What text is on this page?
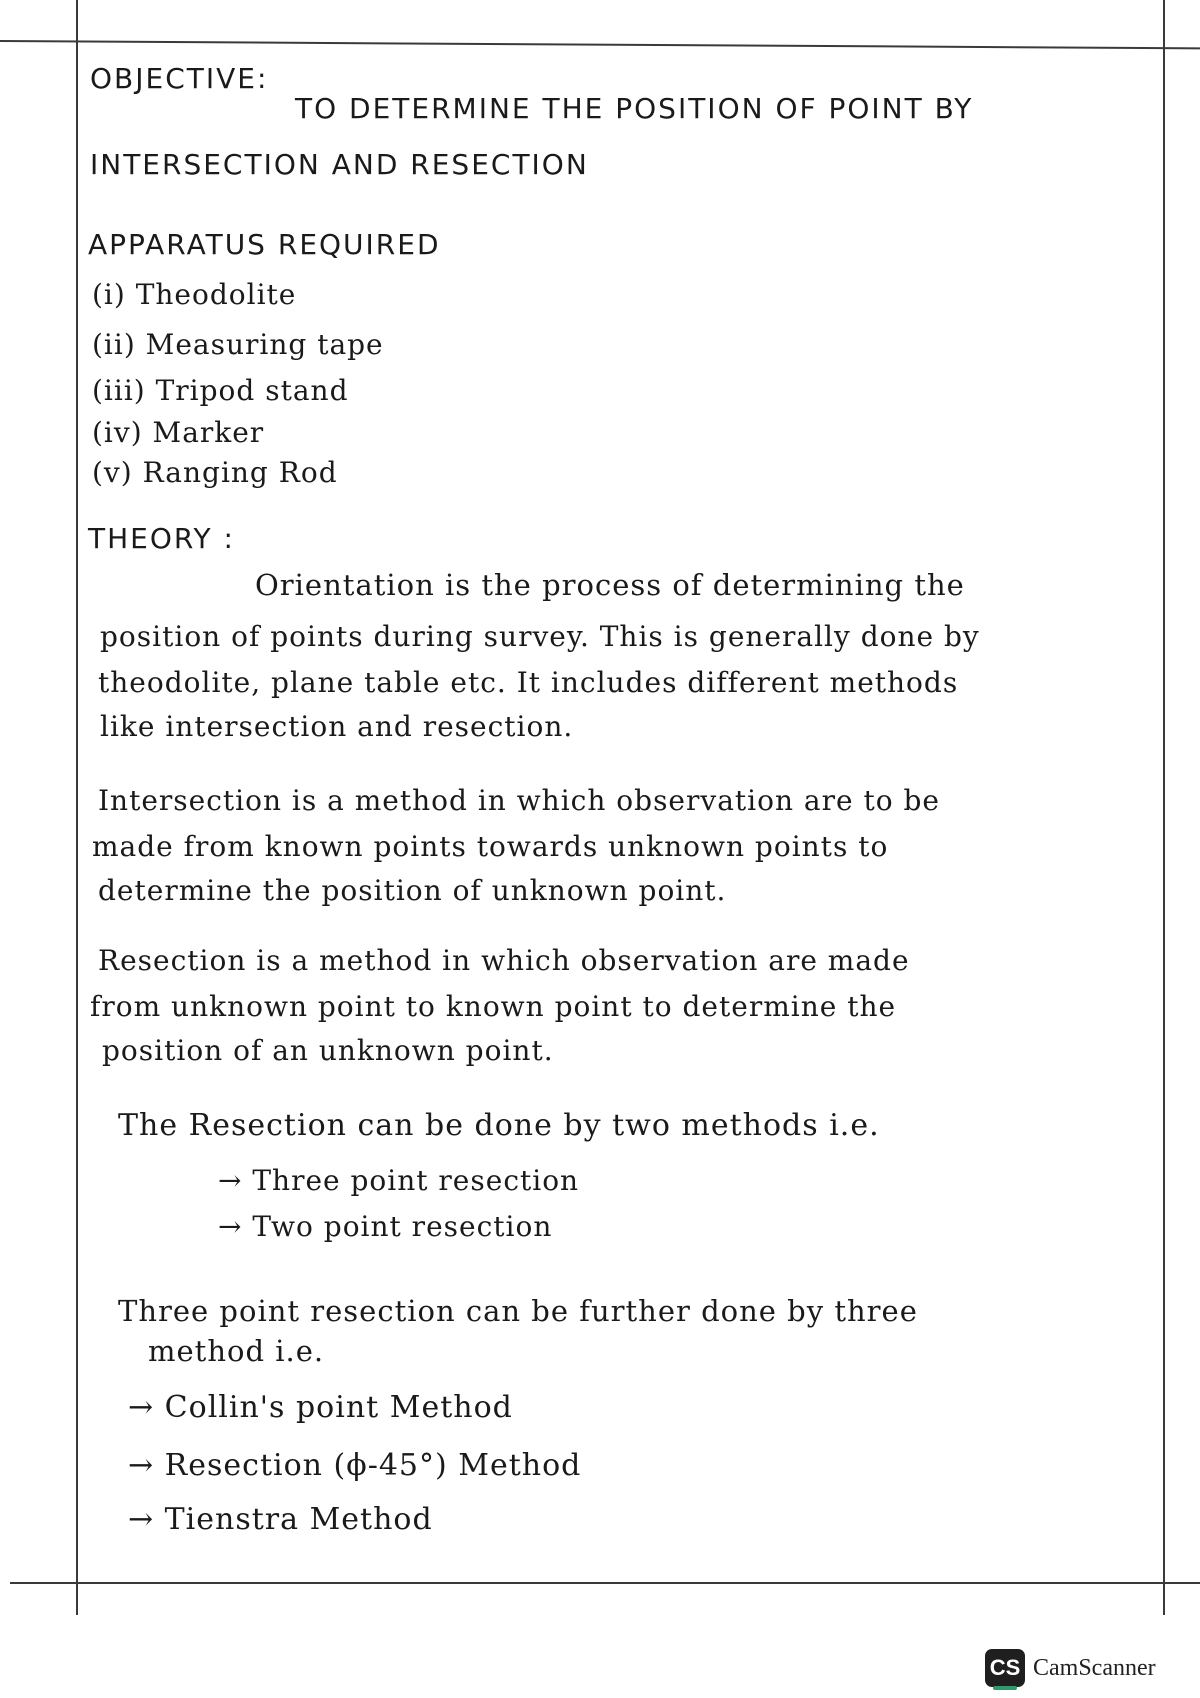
OBJECTIVE:
TO DETERMINE THE POSITION OF POINT BY
INTERSECTION AND RESECTION
APPARATUS REQUIRED
(i) Theodolite
(ii) Measuring tape
(iii) Tripod stand
(iv) Marker
(v) Ranging Rod
THEORY :
Orientation is the process of determining the
position of points during survey. This is generally done by
theodolite, plane table etc. It includes different methods
like intersection and resection.
Intersection is a method in which observation are to be
made from known points towards unknown points to
determine the position of unknown point.
Resection is a method in which observation are made
from unknown point to known point to determine the
position of an unknown point.
The Resection can be done by two methods i.e.
→ Three point resection
→ Two point resection
Three point resection can be further done by three
method i.e.
→ Collin's point Method
→ Resection (ϕ-45°) Method
→ Tienstra Method
CS CamScanner
